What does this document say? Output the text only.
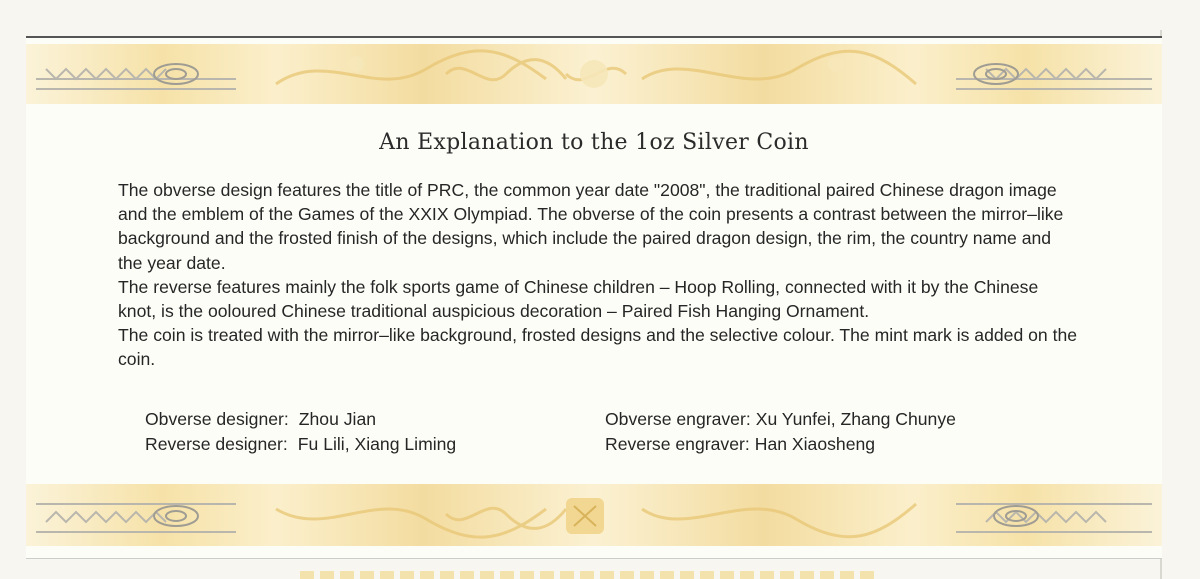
An Explanation to the 1oz Silver Coin

The obverse design features the title of PRC, the common year date "2008", the traditional paired Chinese dragon image and the emblem of the Games of the XXIX Olympiad. The obverse of the coin presents a contrast between the mirror–like background and the frosted finish of the designs, which include the paired dragon design, the rim, the country name and the year date.

The reverse features mainly the folk sports game of Chinese children – Hoop Rolling, connected with it by the Chinese knot, is the ooloured Chinese traditional auspicious decoration – Paired Fish Hanging Ornament.

The coin is treated with the mirror–like background, frosted designs and the selective colour. The mint mark is added on the coin.

Obverse designer: Zhou Jian
Reverse designer: Fu Lili, Xiang Liming
Obverse engraver: Xu Yunfei, Zhang Chunye
Reverse engraver: Han Xiaosheng
